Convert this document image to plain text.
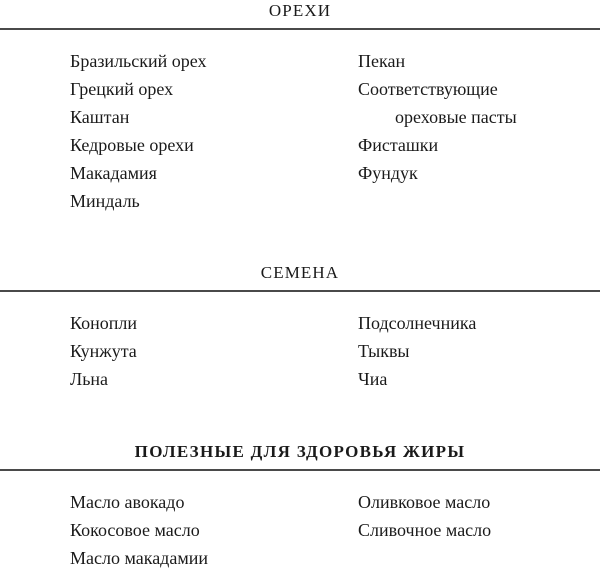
ОРЕХИ
Бразильский орех
Грецкий орех
Каштан
Кедровые орехи
Макадамия
Миндаль
Пекан
Соответствующие
ореховые пасты
Фисташки
Фундук
СЕМЕНА
Конопли
Кунжута
Льна
Подсолнечника
Тыквы
Чиа
ПОЛЕЗНЫЕ ДЛЯ ЗДОРОВЬЯ ЖИРЫ
Масло авокадо
Кокосовое масло
Масло макадамии
Оливковое масло
Сливочное масло
